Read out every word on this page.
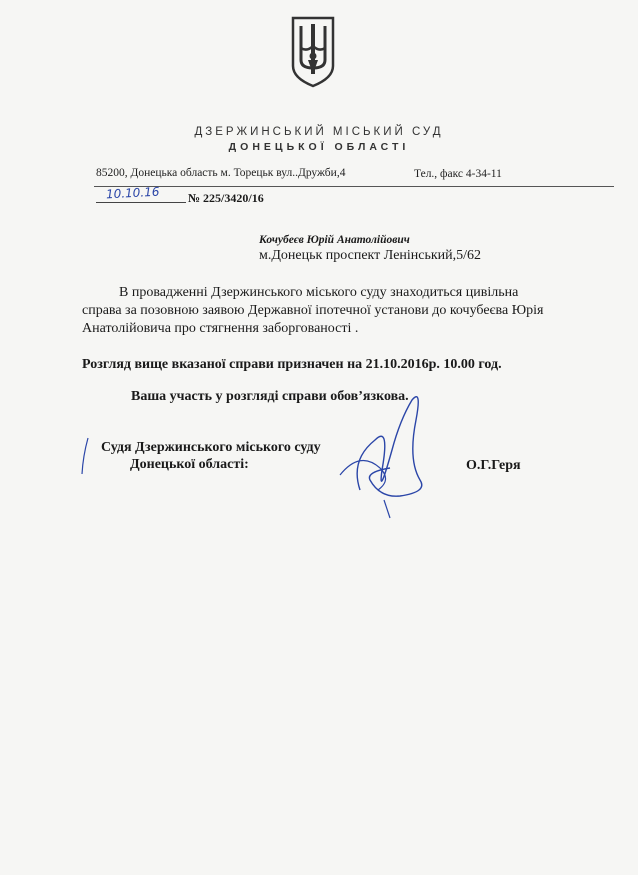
ДЗЕРЖИНСЬКИЙ МІСЬКИЙ СУД
ДОНЕЦЬКОЇ ОБЛАСТІ
85200, Донецька область м. Торецьк вул..Дружби,4	Тел., факс 4-34-11
10.10.16 № 225/3420/16
Кочубеєв Юрій Анатолійович
м.Донецьк проспект Ленінський,5/62
В провадженні Дзержинського міського суду знаходиться цивільна
справа за позовною заявою Державної іпотечної установи до кочубеєва Юрія
Анатолійовича про стягнення заборгованості .
Розгляд вище вказаної справи призначен на 21.10.2016р. 10.00 год.
Ваша участь у розгляді справи обов’язкова.
Судя Дзержинського міського суду
Донецької області:	О.Г.Геря
